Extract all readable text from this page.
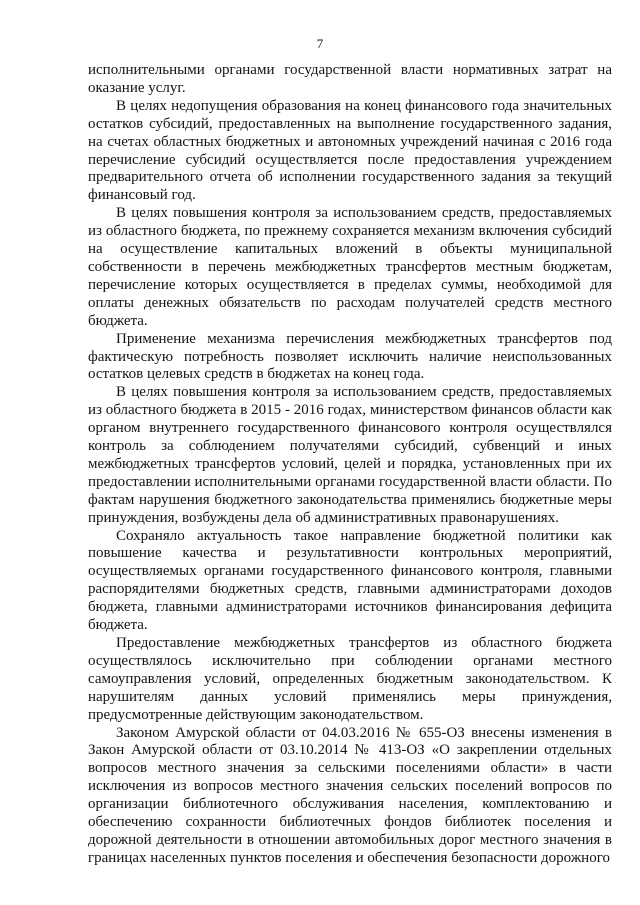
7

исполнительными органами государственной власти нормативных затрат на оказание услуг.

В целях недопущения образования на конец финансового года значительных остатков субсидий, предоставленных на выполнение государственного задания, на счетах областных бюджетных и автономных учреждений начиная с 2016 года перечисление субсидий осуществляется после предоставления учреждением предварительного отчета об исполнении государственного задания за текущий финансовый год.

В целях повышения контроля за использованием средств, предоставляемых из областного бюджета, по прежнему сохраняется механизм включения субсидий на осуществление капитальных вложений в объекты муниципальной собственности в перечень межбюджетных трансфертов местным бюджетам, перечисление которых осуществляется в пределах суммы, необходимой для оплаты денежных обязательств по расходам получателей средств местного бюджета.

Применение механизма перечисления межбюджетных трансфертов под фактическую потребность позволяет исключить наличие неиспользованных остатков целевых средств в бюджетах на конец года.

В целях повышения контроля за использованием средств, предоставляемых из областного бюджета в 2015 - 2016 годах, министерством финансов области как органом внутреннего государственного финансового контроля осуществлялся контроль за соблюдением получателями субсидий, субвенций и иных межбюджетных трансфертов условий, целей и порядка, установленных при их предоставлении исполнительными органами государственной власти области. По фактам нарушения бюджетного законодательства применялись бюджетные меры принуждения, возбуждены дела об административных правонарушениях.

Сохраняло актуальность такое направление бюджетной политики как повышение качества и результативности контрольных мероприятий, осуществляемых органами государственного финансового контроля, главными распорядителями бюджетных средств, главными администраторами доходов бюджета, главными администраторами источников финансирования дефицита бюджета.

Предоставление межбюджетных трансфертов из областного бюджета осуществлялось исключительно при соблюдении органами местного самоуправления условий, определенных бюджетным законодательством. К нарушителям данных условий применялись меры принуждения, предусмотренные действующим законодательством.

Законом Амурской области от 04.03.2016 № 655-ОЗ внесены изменения в Закон Амурской области от 03.10.2014 № 413-ОЗ «О закреплении отдельных вопросов местного значения за сельскими поселениями области» в части исключения из вопросов местного значения сельских поселений вопросов по организации библиотечного обслуживания населения, комплектованию и обеспечению сохранности библиотечных фондов библиотек поселения и дорожной деятельности в отношении автомобильных дорог местного значения в границах населенных пунктов поселения и обеспечения безопасности дорожного
